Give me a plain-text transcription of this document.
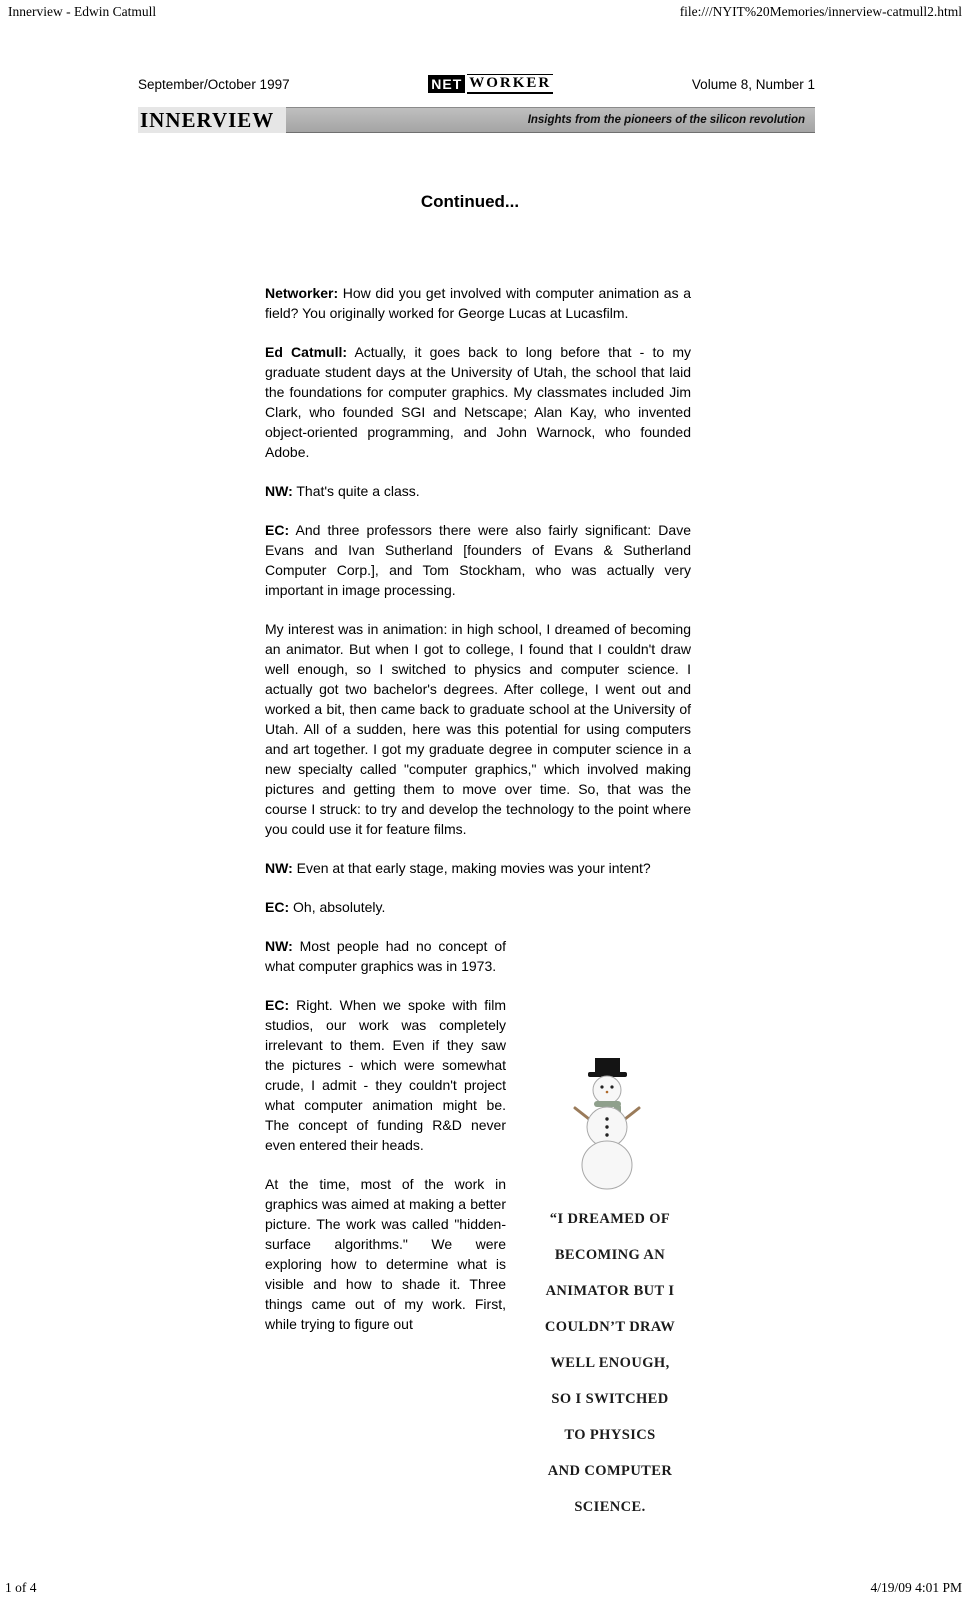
Innerview - Edwin Catmull	file:///NYIT%20Memories/innerview-catmull2.html
September/October 1997	NET WORKER	Volume 8, Number 1
INNERVIEW	Insights from the pioneers of the silicon revolution
Continued...

Networker: How did you get involved with computer animation as a field? You originally worked for George Lucas at Lucasfilm.

Ed Catmull: Actually, it goes back to long before that - to my graduate student days at the University of Utah, the school that laid the foundations for computer graphics. My classmates included Jim Clark, who founded SGI and Netscape; Alan Kay, who invented object-oriented programming, and John Warnock, who founded Adobe.

NW: That's quite a class.

EC: And three professors there were also fairly significant: Dave Evans and Ivan Sutherland [founders of Evans & Sutherland Computer Corp.], and Tom Stockham, who was actually very important in image processing.

My interest was in animation: in high school, I dreamed of becoming an animator. But when I got to college, I found that I couldn't draw well enough, so I switched to physics and computer science. I actually got two bachelor's degrees. After college, I went out and worked a bit, then came back to graduate school at the University of Utah. All of a sudden, here was this potential for using computers and art together. I got my graduate degree in computer science in a new specialty called "computer graphics," which involved making pictures and getting them to move over time. So, that was the course I struck: to try and develop the technology to the point where you could use it for feature films.

NW: Even at that early stage, making movies was your intent?

EC: Oh, absolutely.

NW: Most people had no concept of what computer graphics was in 1973.

EC: Right. When we spoke with film studios, our work was completely irrelevant to them. Even if they saw the pictures - which were somewhat crude, I admit - they couldn't project what computer animation might be. The concept of funding R&D never even entered their heads.

At the time, most of the work in graphics was aimed at making a better picture. The work was called "hidden-surface algorithms." We were exploring how to determine what is visible and how to shade it. Three things came out of my work. First, while trying to figure out

“I DREAMED OF
BECOMING AN
ANIMATOR BUT I
COULDN’T DRAW
WELL ENOUGH,
SO I SWITCHED
TO PHYSICS
AND COMPUTER
SCIENCE.
1 of 4	4/19/09 4:01 PM
